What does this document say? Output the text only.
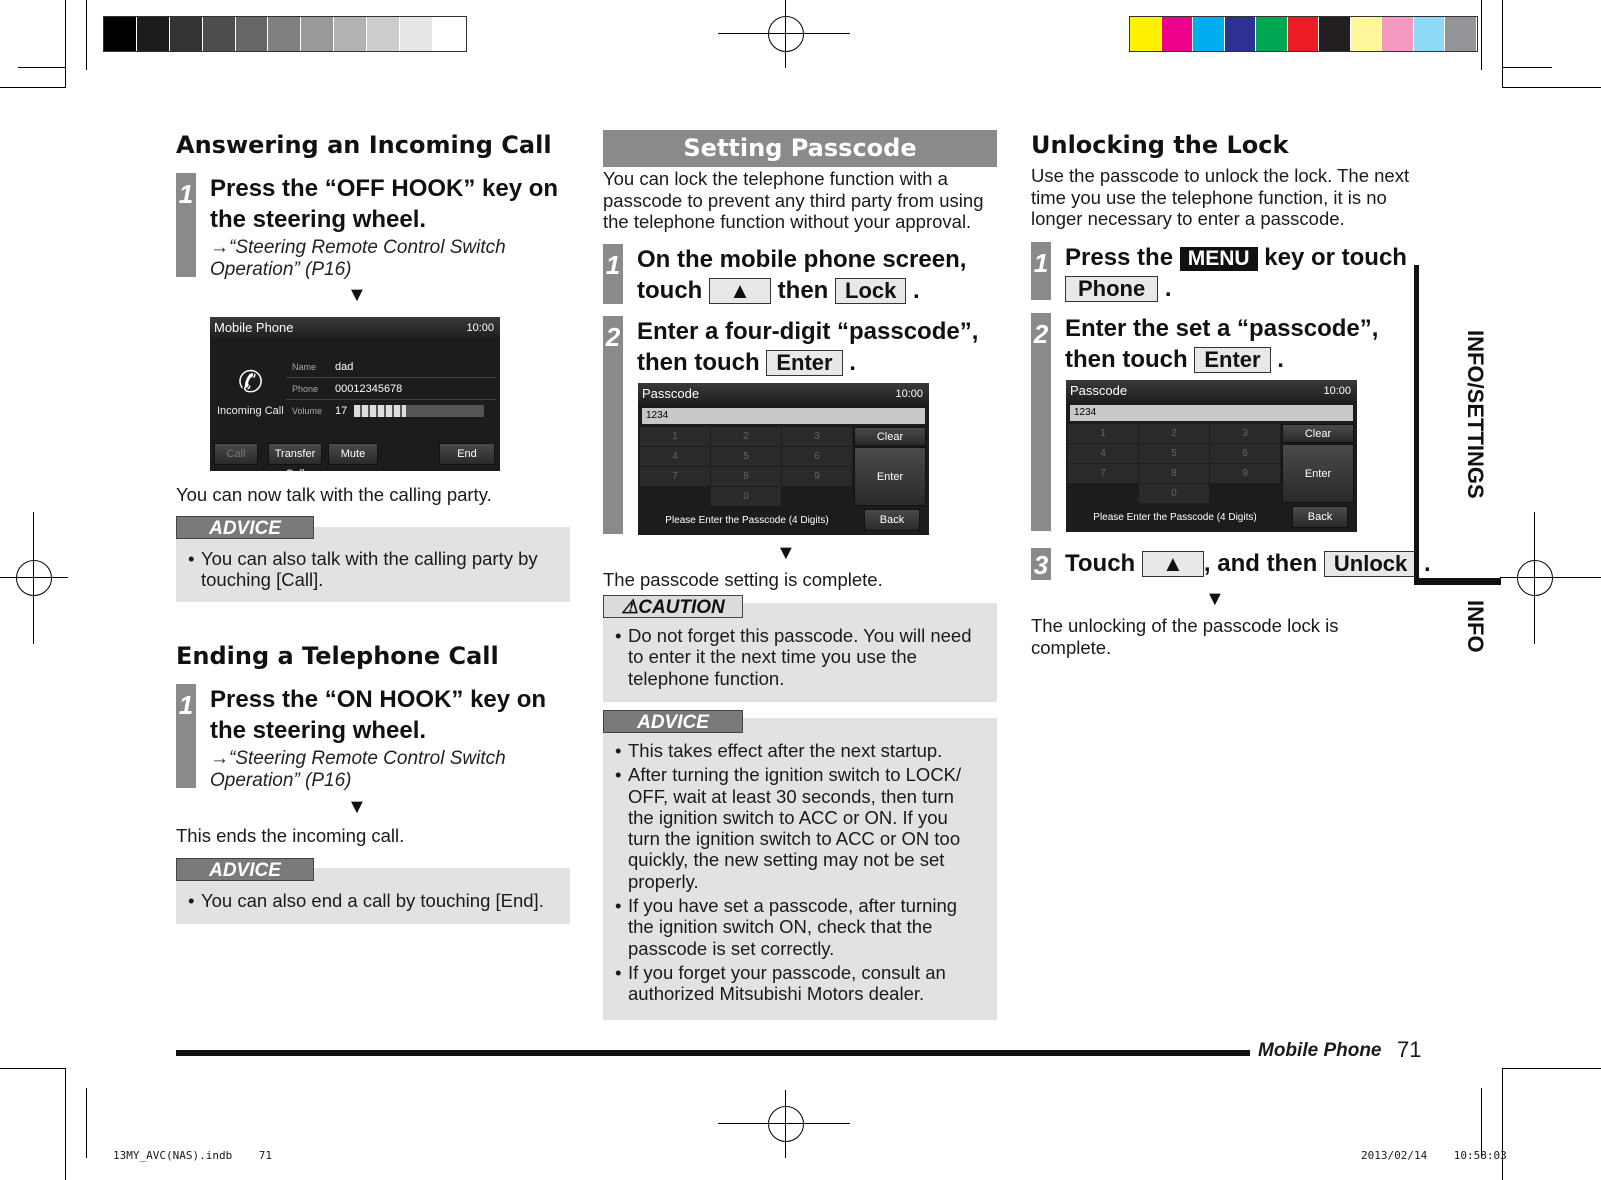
Answering an Incoming Call
1 Press the “OFF HOOK” key on
the steering wheel.
→“Steering Remote Control Switch
Operation” (P16)
▼
Mobile Phone	10:00
✆
Incoming Call
Name dad
Phone 00012345678
Volume 17
Call	Transfer Call
Mute	End
You can now talk with the calling party.
• You can also talk with the calling party by touching [Call].
ADVICE
Ending a Telephone Call
1 Press the “ON HOOK” key on
the steering wheel.
→“Steering Remote Control Switch
Operation” (P16)
▼
This ends the incoming call.
• You can also end a call by touching [End].
ADVICE
Setting Passcode
You can lock the telephone function with a
passcode to prevent any third party from using
the telephone function without your approval.
1 On the mobile phone screen,
touch ▲ then Lock .
2 Enter a four-digit “passcode”,
then touch Enter .
Passcode	10:00
1234
1	2	3
4	5	6
7	8	9
0
Clear
Enter
Please Enter the Passcode (4 Digits)	Back
▼
The passcode setting is complete.
• Do not forget this passcode. You will need to enter it the next time you use the telephone function.
⚠CAUTION
• This takes effect after the next startup.
• After turning the ignition switch to LOCK/ OFF, wait at least 30 seconds, then turn the ignition switch to ACC or ON. If you turn the ignition switch to ACC or ON too quickly, the new setting may not be set properly.
• If you have set a passcode, after turning the ignition switch ON, check that the passcode is set correctly.
• If you forget your passcode, consult an authorized Mitsubishi Motors dealer.
ADVICE
Unlocking the Lock
Use the passcode to unlock the lock. The next
time you use the telephone function, it is no
longer necessary to enter a passcode.
1 Press the MENU key or touch
Phone .
2 Enter the set a “passcode”,
then touch Enter .
Passcode	10:00
1234
1	2	3
4	5	6
7	8	9
0
Clear
Enter
Please Enter the Passcode (4 Digits)	Back
3 Touch ▲ , and then Unlock .
▼
The unlocking of the passcode lock is
complete.
INFO/SETTINGS
INFO
Mobile Phone 71
13MY_AVC(NAS).indb    71	2013/02/14    10:58:03
